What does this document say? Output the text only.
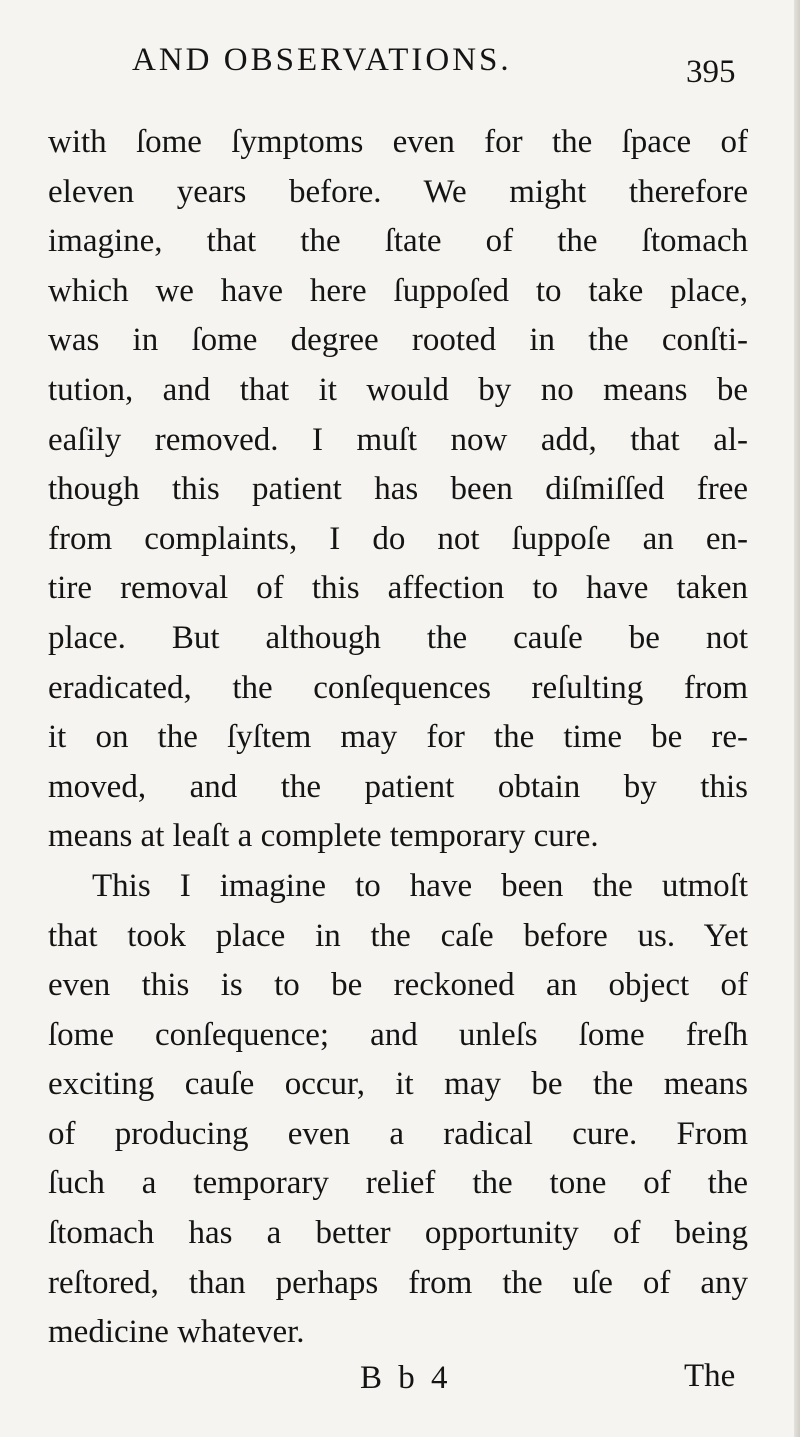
AND OBSERVATIONS.	395
with ſome ſymptoms even for the ſpace of
eleven years before. We might therefore
imagine, that the ſtate of the ſtomach
which we have here ſuppoſed to take place,
was in ſome degree rooted in the conſti-
tution, and that it would by no means be
eaſily removed. I muſt now add, that al-
though this patient has been diſmiſſed free
from complaints, I do not ſuppoſe an en-
tire removal of this affection to have taken
place. But although the cauſe be not
eradicated, the conſequences reſulting from
it on the ſyſtem may for the time be re-
moved, and the patient obtain by this
means at leaſt a complete temporary cure.
This I imagine to have been the utmoſt
that took place in the caſe before us. Yet
even this is to be reckoned an object of
ſome conſequence; and unleſs ſome freſh
exciting cauſe occur, it may be the means
of producing even a radical cure. From
ſuch a temporary relief the tone of the
ſtomach has a better opportunity of being
reſtored, than perhaps from the uſe of any
medicine whatever.
B b 4	The
